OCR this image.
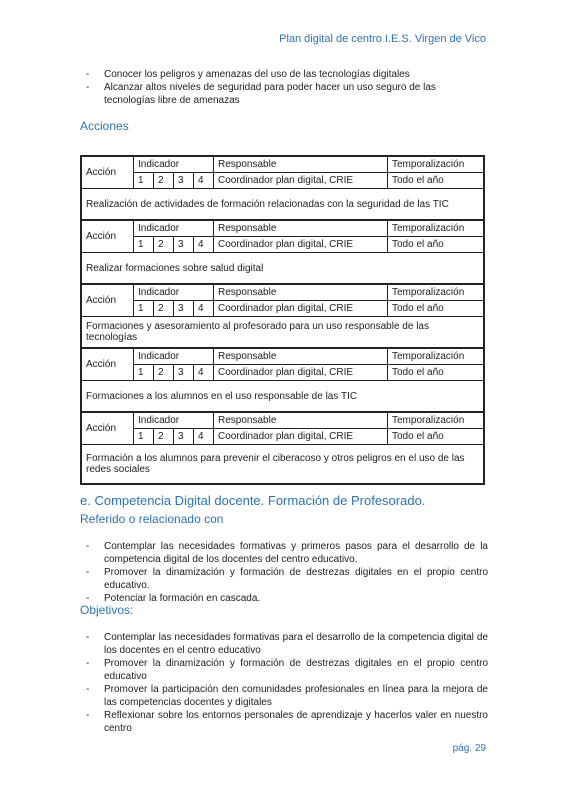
Plan digital de centro I.E.S. Virgen de Vico
- Conocer los peligros y amenazas del uso de las tecnologías digitales
- Alcanzar altos niveles de seguridad para poder hacer un uso seguro de las tecnologías libre de amenazas
Acciones
Acción	Indicador				Responsable	Temporalización
	1	2	3	4	Coordinador plan digital, CRIE	Todo el año
Realización de actividades de formación relacionadas con la seguridad de las TIC						
Acción	Indicador				Responsable	Temporalización
	1	2	3	4	Coordinador plan digital, CRIE	Todo el año
Realizar formaciones sobre salud digital						
Acción	Indicador				Responsable	Temporalización
	1	2	3	4	Coordinador plan digital, CRIE	Todo el año
Formaciones y asesoramiento al profesorado para un uso responsable de las tecnologías						
Acción	Indicador				Responsable	Temporalización
	1	2	3	4	Coordinador plan digital, CRIE	Todo el año
Formaciones a los alumnos en el uso responsable de las TIC						
Acción	Indicador				Responsable	Temporalización
	1	2	3	4	Coordinador plan digital, CRIE	Todo el año
Formación a los alumnos para prevenir el ciberacoso y otros peligros en el uso de las redes sociales						
e. Competencia Digital docente. Formación de Profesorado.
Referido o relacionado con
- Contemplar las necesidades formativas y primeros pasos para el desarrollo de la competencia digital de los docentes del centro educativo.
- Promover la dinamización y formación de destrezas digitales en el propio centro educativo.
- Potenciar la formación en cascada.
Objetivos:
- Contemplar las necesidades formativas para el desarrollo de la competencia digital de los docentes en el centro educativo
- Promover la dinamización y formación de destrezas digitales en el propio centro educativo
- Promover la participación den comunidades profesionales en línea para la mejora de las competencias docentes y digitales
- Reflexionar sobre los entornos personales de aprendizaje y hacerlos valer en nuestro centro
pág. 29
